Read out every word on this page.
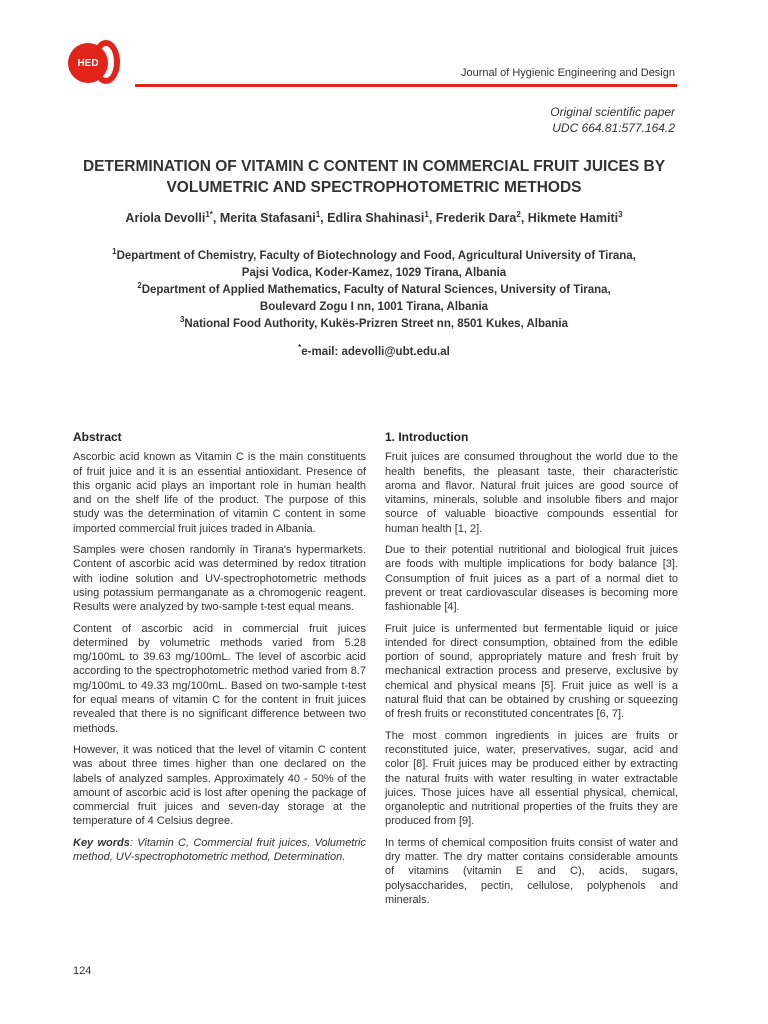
HED
Journal of Hygienic Engineering and Design
Original scientific paper
UDC 664.81:577.164.2
DETERMINATION OF VITAMIN C CONTENT IN COMMERCIAL FRUIT JUICES BY VOLUMETRIC AND SPECTROPHOTOMETRIC METHODS
Ariola Devolli$^{1*}$, Merita Stafasani$^1$, Edlira Shahinasi$^1$, Frederik Dara$^2$, Hikmete Hamiti$^3$

$^1$Department of Chemistry, Faculty of Biotechnology and Food, Agricultural University of Tirana,

Pajsi Vodica, Koder-Kamez, 1029 Tirana, Albania

$^2$Department of Applied Mathematics, Faculty of Natural Sciences, University of Tirana,

Boulevard Zogu I nn, 1001 Tirana, Albania

$^3$National Food Authority, Kukës-Prizren Street nn, 8501 Kukes, Albania

*e-mail: adevolli@ubt.edu.al
Abstract

Ascorbic acid known as Vitamin C is the main constituents of fruit juice and it is an essential antioxidant. Presence of this organic acid plays an important role in human health and on the shelf life of the product. The purpose of this study was the determination of vitamin C content in some imported commercial fruit juices traded in Albania.

Samples were chosen randomly in Tirana's hypermarkets. Content of ascorbic acid was determined by redox titration with iodine solution and UV-spectrophotometric methods using potassium permanganate as a chromogenic reagent. Results were analyzed by two-sample t-test equal means.

Content of ascorbic acid in commercial fruit juices determined by volumetric methods varied from 5.28 mg/100mL to 39.63 mg/100mL. The level of ascorbic acid according to the spectrophotometric method varied from 8.7 mg/100mL to 49.33 mg/100mL. Based on two-sample t-test for equal means of vitamin C for the content in fruit juices revealed that there is no significant difference between two methods.

However, it was noticed that the level of vitamin C content was about three times higher than one declared on the labels of analyzed samples. Approximately 40 - 50% of the amount of ascorbic acid is lost after opening the package of commercial fruit juices and seven-day storage at the temperature of 4 Celsius degree.

Key words: Vitamin C, Commercial fruit juices, Volumetric method, UV-spectrophotometric method, Determination.

1. Introduction

Fruit juices are consumed throughout the world due to the health benefits, the pleasant taste, their characteristic aroma and flavor. Natural fruit juices are good source of vitamins, minerals, soluble and insoluble fibers and major source of valuable bioactive compounds essential for human health [1, 2].

Due to their potential nutritional and biological fruit juices are foods with multiple implications for body balance [3]. Consumption of fruit juices as a part of a normal diet to prevent or treat cardiovascular diseases is becoming more fashionable [4].

Fruit juice is unfermented but fermentable liquid or juice intended for direct consumption, obtained from the edible portion of sound, appropriately mature and fresh fruit by mechanical extraction process and preserve, exclusive by chemical and physical means [5]. Fruit juice as well is a natural fluid that can be obtained by crushing or squeezing of fresh fruits or reconstituted concentrates [6, 7].

The most common ingredients in juices are fruits or reconstituted juice, water, preservatives, sugar, acid and color [8]. Fruit juices may be produced either by extracting the natural fruits with water resulting in water extractable juices. Those juices have all essential physical, chemical, organoleptic and nutritional properties of the fruits they are produced from [9].

In terms of chemical composition fruits consist of water and dry matter. The dry matter contains considerable amounts of vitamins (vitamin E and C), acids, sugars, polysaccharides, pectin, cellulose, polyphenols and minerals.

124
